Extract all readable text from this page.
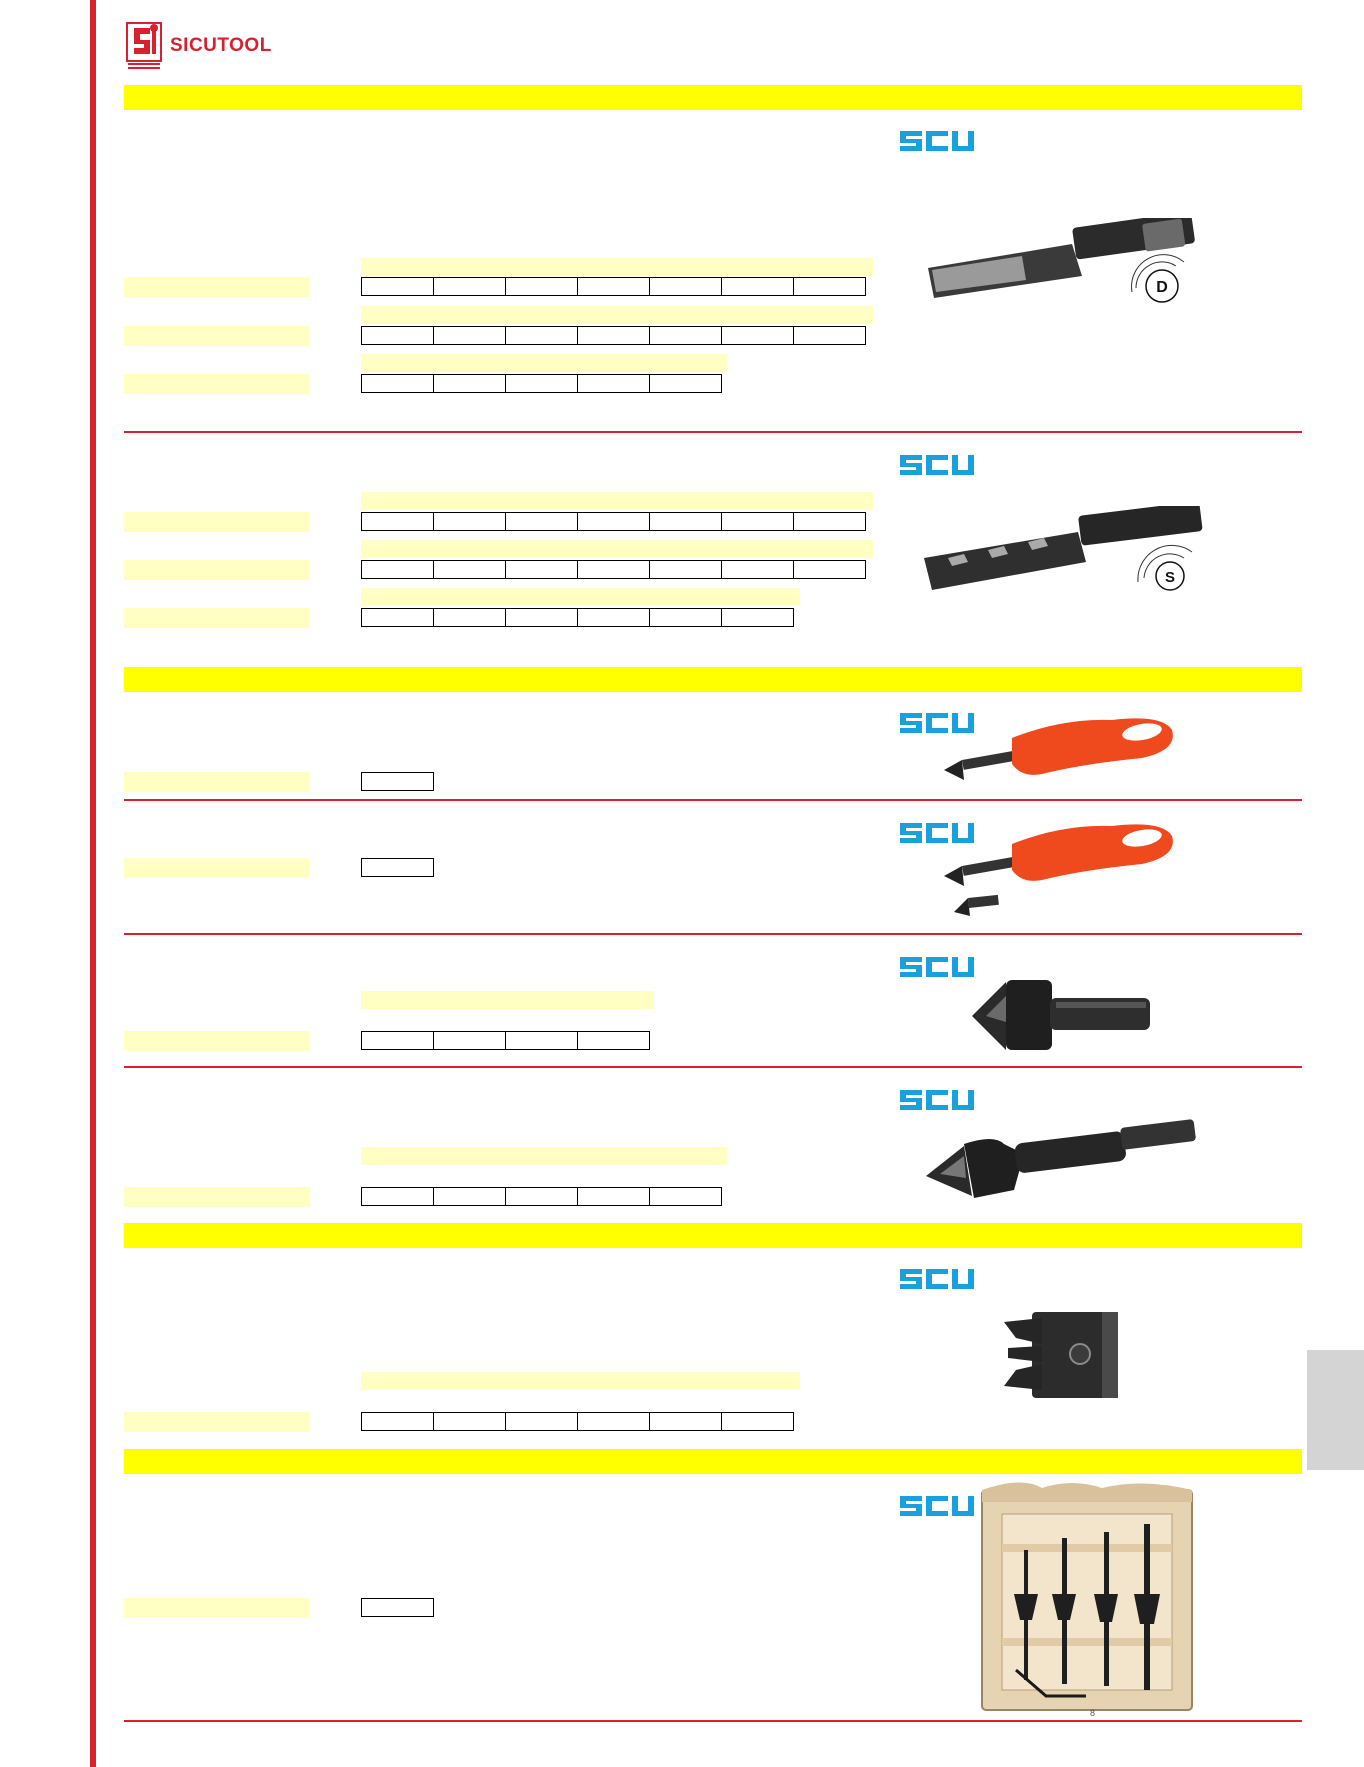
SICUTOOL
D
S
8
